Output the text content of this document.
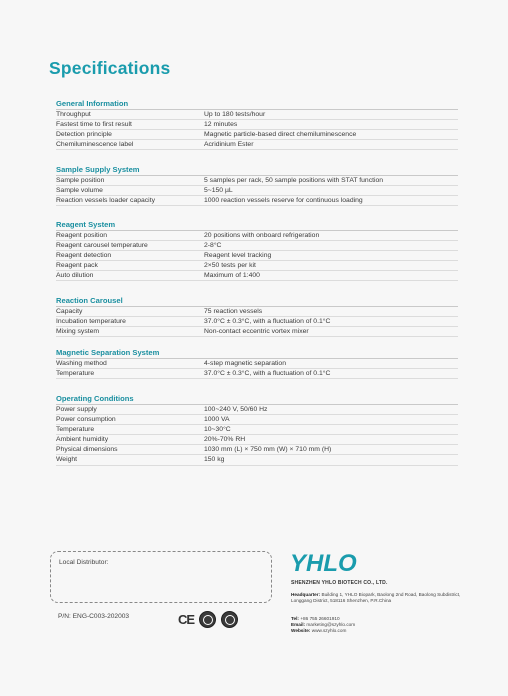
Specifications
General Information
Throughput	Up to 180 tests/hour
Fastest time to first result	12 minutes
Detection principle	Magnetic particle-based direct chemiluminescence
Chemiluminescence label	Acridinium Ester
Sample Supply System
Sample position	5 samples per rack, 50 sample positions with STAT function
Sample volume	5~150 µL
Reaction vessels loader capacity	1000 reaction vessels reserve for continuous loading
Reagent System
Reagent position	20 positions with onboard refrigeration
Reagent carousel temperature	2-8°C
Reagent detection	Reagent level tracking
Reagent pack	2×50 tests per kit
Auto dilution	Maximum of 1:400
Reaction Carousel
Capacity	75 reaction vessels
Incubation temperature	37.0°C ± 0.3°C, with a fluctuation of 0.1°C
Mixing system	Non-contact eccentric vortex mixer
Magnetic Separation System
Washing method	4-step magnetic separation
Temperature	37.0°C ± 0.3°C, with a fluctuation of 0.1°C
Operating Conditions
Power supply	100~240 V, 50/60 Hz
Power consumption	1000 VA
Temperature	10~30°C
Ambient humidity	20%-70% RH
Physical dimensions	1030 mm (L) × 750 mm (W) × 710 mm (H)
Weight	150 kg
Local Distributor:
P/N: ENG-C003-202003	CE
YHLO
SHENZHEN YHLO BIOTECH CO., LTD.
Headquarter: Building 1, YHLO Biopark, Baolong 2nd Road, Baolong Subdistrict, Longgang District, 518116 Shenzhen, P.R.China
Tel: +86 755 26601910
Email: marketing@szyhlo.com
Website: www.szyhlo.com
